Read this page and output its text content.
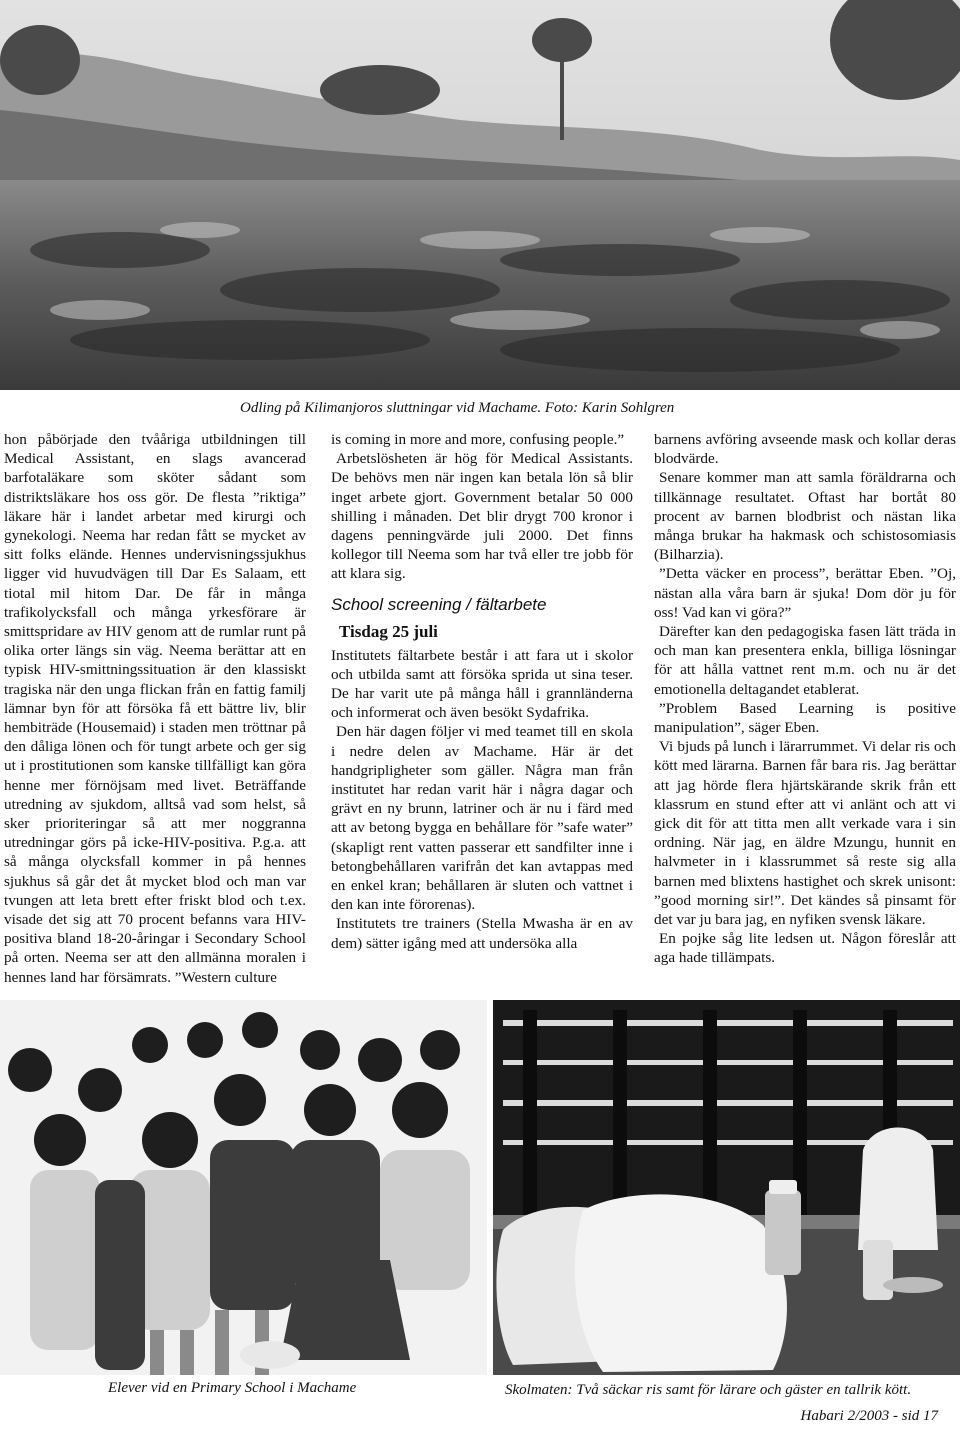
Odling på Kilimanjoros sluttningar vid Machame. Foto: Karin Sohlgren

hon påbörjade den tvååriga utbildningen till Medical Assistant, en slags avancerad barfotaläkare som sköter sådant som distriktsläkare hos oss gör. De flesta ”riktiga” läkare här i landet arbetar med kirurgi och gynekologi. Neema har redan fått se mycket av sitt folks elände. Hennes undervisningssjukhus ligger vid huvudvägen till Dar Es Salaam, ett tiotal mil hitom Dar. De får in många trafikolycksfall och många yrkesförare är smittspridare av HIV genom att de rumlar runt på olika orter längs sin väg. Neema berättar att en typisk HIV-smittningssituation är den klassiskt tragiska när den unga flickan från en fattig familj lämnar byn för att försöka få ett bättre liv, blir hembiträde (Housemaid) i staden men tröttnar på den dåliga lönen och för tungt arbete och ger sig ut i prostitutionen som kanske tillfälligt kan göra henne mer förnöjsam med livet. Beträffande utredning av sjukdom, alltså vad som helst, så sker prioriteringar så att mer noggranna utredningar görs på icke-HIV-positiva. P.g.a. att så många olycksfall kommer in på hennes sjukhus så går det åt mycket blod och man var tvungen att leta brett efter friskt blod och t.ex. visade det sig att 70 procent befanns vara HIV-positiva bland 18-20-åringar i Secondary School på orten. Neema ser att den allmänna moralen i hennes land har försämrats. ”Western culture

is coming in more and more, confusing people.”

Arbetslösheten är hög för Medical Assistants. De behövs men när ingen kan betala lön så blir inget arbete gjort. Government betalar 50 000 shilling i månaden. Det blir drygt 700 kronor i dagens penningvärde juli 2000. Det finns kollegor till Neema som har två eller tre jobb för att klara sig.

School screening / fältarbete
Tisdag 25 juli

Institutets fältarbete består i att fara ut i skolor och utbilda samt att försöka sprida ut sina teser. De har varit ute på många håll i grannländerna och informerat och även besökt Sydafrika.

Den här dagen följer vi med teamet till en skola i nedre delen av Machame. Här är det handgripligheter som gäller. Några man från institutet har redan varit här i några dagar och grävt en ny brunn, latriner och är nu i färd med att av betong bygga en behållare för ”safe water” (skapligt rent vatten passerar ett sandfilter inne i betongbehållaren varifrån det kan avtappas med en enkel kran; behållaren är sluten och vattnet i den kan inte förorenas).

Institutets tre trainers (Stella Mwasha är en av dem) sätter igång med att undersöka alla

barnens avföring avseende mask och kollar deras blodvärde.

Senare kommer man att samla föräldrarna och tillkännage resultatet. Oftast har bortåt 80 procent av barnen blodbrist och nästan lika många brukar ha hakmask och schistosomiasis (Bilharzia).

”Detta väcker en process”, berättar Eben. ”Oj, nästan alla våra barn är sjuka! Dom dör ju för oss! Vad kan vi göra?”

Därefter kan den pedagogiska fasen lätt träda in och man kan presentera enkla, billiga lösningar för att hålla vattnet rent m.m. och nu är det emotionella deltagandet etablerat.

”Problem Based Learning is positive manipulation”, säger Eben.

Vi bjuds på lunch i lärarrummet. Vi delar ris och kött med lärarna. Barnen får bara ris. Jag berättar att jag hörde flera hjärtskärande skrik från ett klassrum en stund efter att vi anlänt och att vi gick dit för att titta men allt verkade vara i sin ordning. När jag, en äldre Mzungu, hunnit en halvmeter in i klassrummet så reste sig alla barnen med blixtens hastighet och skrek unisont: ”good morning sir!”. Det kändes så pinsamt för det var ju bara jag, en nyfiken svensk läkare.

En pojke såg lite ledsen ut. Någon föreslår att aga hade tillämpats.

Elever vid en Primary School i Machame	Skolmaten: Två säckar ris samt för lärare och gäster en tallrik kött.
Habari 2/2003 - sid 17
